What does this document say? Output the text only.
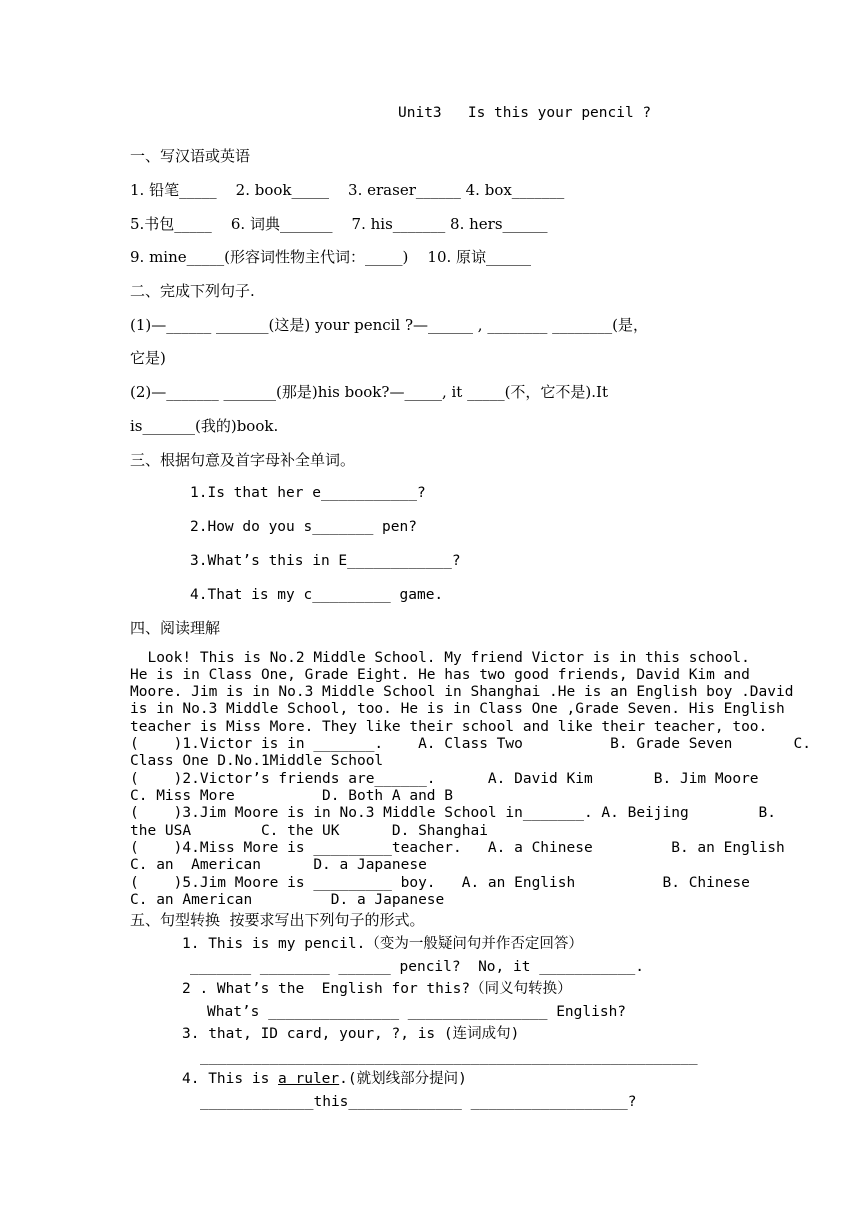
Unit3   Is this your pencil ?
一、写汉语或英语
1. 铅笔_____    2. book_____    3. eraser______ 4. box_______
5.书包_____    6. 词典_______    7. his_______ 8. hers______
9. mine_____(形容词性物主代词：_____)    10. 原谅______
二、完成下列句子.
(1)—______ _______(这是) your pencil ?—______ , ________ ________(是，
它是)
(2)—_______ _______(那是)his book?—_____, it _____(不，它不是).It
is_______(我的)book.
三、根据句意及首字母补全单词。
1.Is that her e___________?
2.How do you s_______ pen?
3.What’s this in E____________?
4.That is my c_________ game.
四、阅读理解
Look! This is No.2 Middle School. My friend Victor is in this school.
He is in Class One, Grade Eight. He has two good friends, David Kim and
Moore. Jim is in No.3 Middle School in Shanghai .He is an English boy .David
is in No.3 Middle School, too. He is in Class One ,Grade Seven. His English
teacher is Miss More. They like their school and like their teacher, too.
(    )1.Victor is in _______.    A. Class Two          B. Grade Seven       C.
Class One D.No.1Middle School
(    )2.Victor’s friends are______.      A. David Kim       B. Jim Moore
C. Miss More          D. Both A and B
(    )3.Jim Moore is in No.3 Middle School in_______. A. Beijing        B.
the USA        C. the UK      D. Shanghai
(    )4.Miss More is _________teacher.   A. a Chinese         B. an English
C. an  American      D. a Japanese
(    )5.Jim Moore is _________ boy.   A. an English          B. Chinese
C. an American         D. a Japanese
五、句型转换  按要求写出下列句子的形式。
1. This is my pencil.（变为一般疑问句并作否定回答）
_______ ________ ______ pencil?  No, it ___________.
2 . What’s the  English for this?（同义句转换）
What’s _______________ ________________ English?
3. that, ID card, your, ?, is (连词成句)
_________________________________________________________
4. This is a ruler.(就划线部分提问)
_____________this_____________ __________________?
